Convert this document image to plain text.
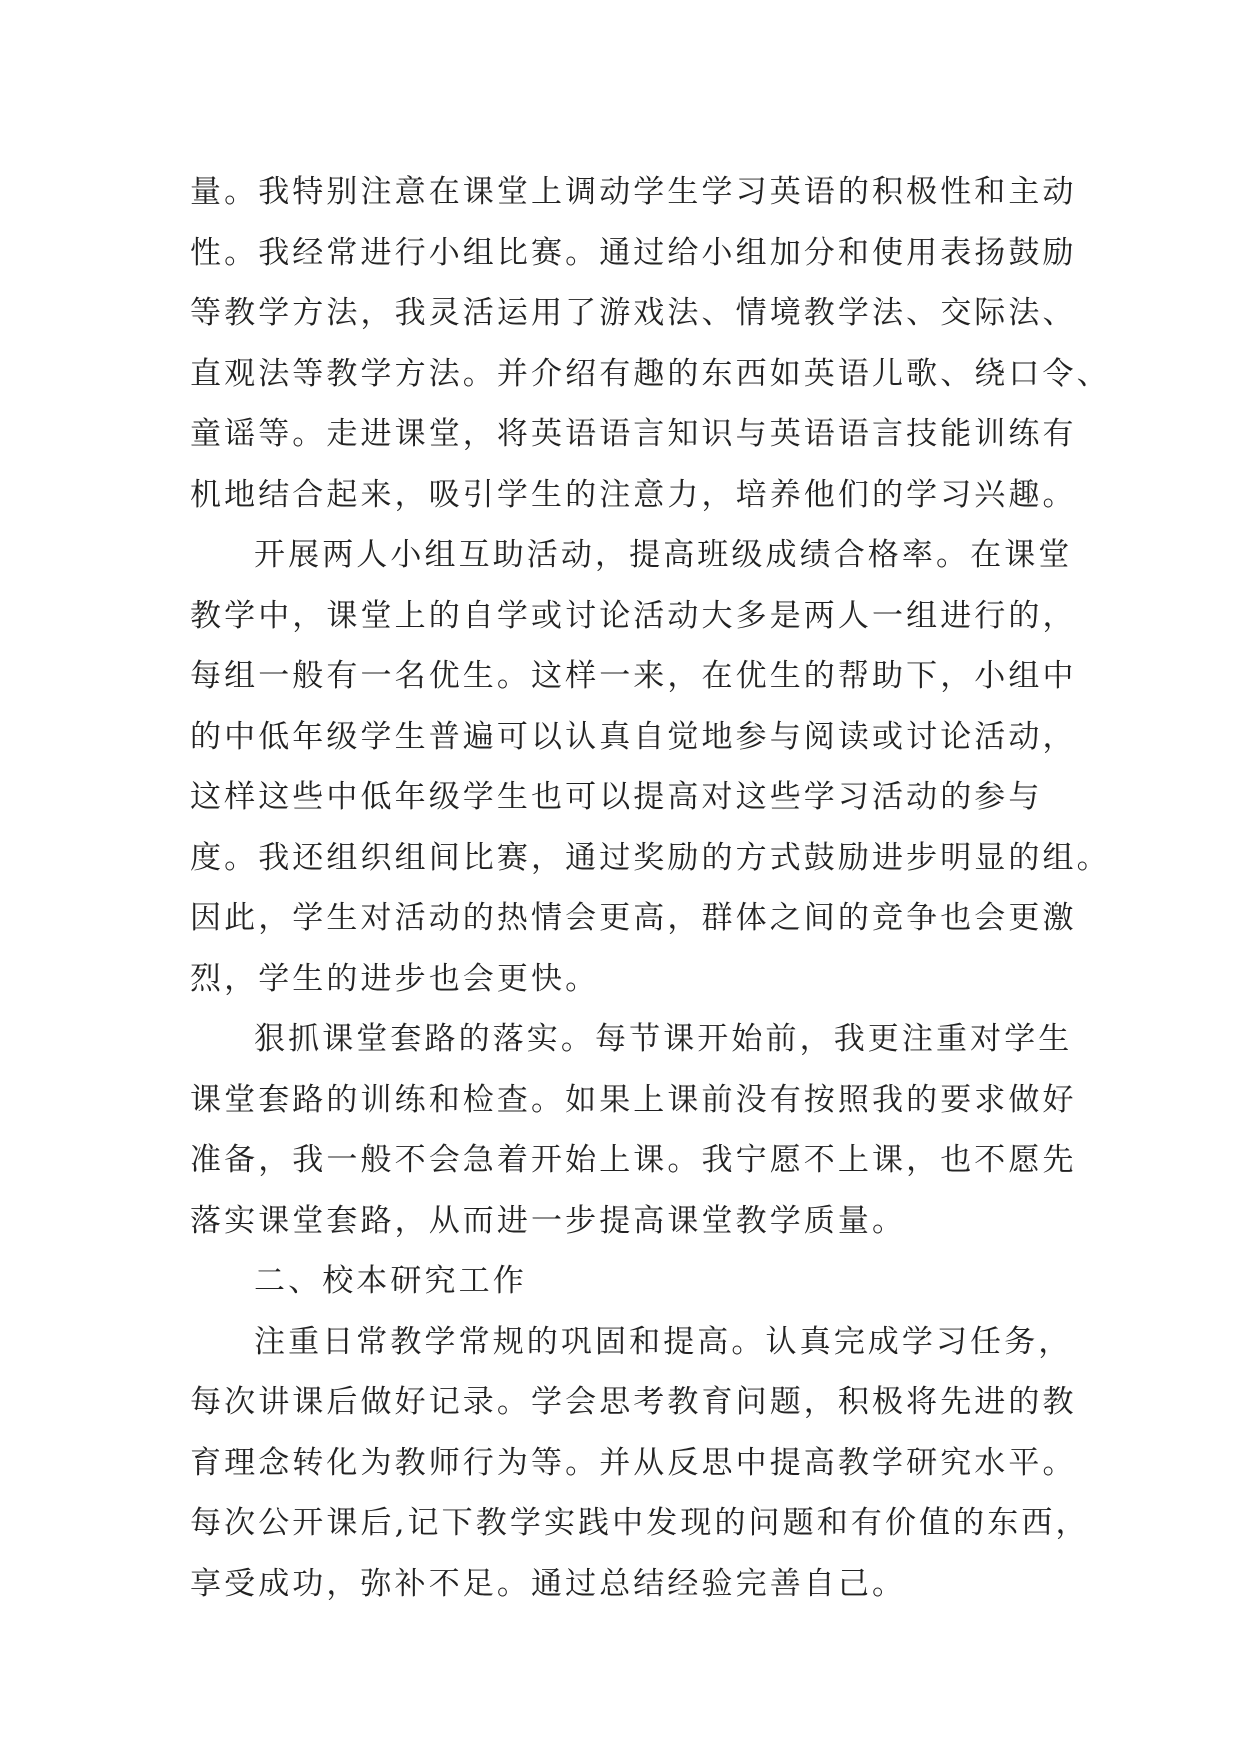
量。我特别注意在课堂上调动学生学习英语的积极性和主动
性。我经常进行小组比赛。通过给小组加分和使用表扬鼓励
等教学方法，我灵活运用了游戏法、情境教学法、交际法、
直观法等教学方法。并介绍有趣的东西如英语儿歌、绕口令、
童谣等。走进课堂，将英语语言知识与英语语言技能训练有
机地结合起来，吸引学生的注意力，培养他们的学习兴趣。

开展两人小组互助活动，提高班级成绩合格率。在课堂
教学中，课堂上的自学或讨论活动大多是两人一组进行的，
每组一般有一名优生。这样一来，在优生的帮助下，小组中
的中低年级学生普遍可以认真自觉地参与阅读或讨论活动，
这样这些中低年级学生也可以提高对这些学习活动的参与
度。我还组织组间比赛，通过奖励的方式鼓励进步明显的组。
因此，学生对活动的热情会更高，群体之间的竞争也会更激
烈，学生的进步也会更快。

狠抓课堂套路的落实。每节课开始前，我更注重对学生
课堂套路的训练和检查。如果上课前没有按照我的要求做好
准备，我一般不会急着开始上课。我宁愿不上课，也不愿先
落实课堂套路，从而进一步提高课堂教学质量。

二、校本研究工作

注重日常教学常规的巩固和提高。认真完成学习任务，
每次讲课后做好记录。学会思考教育问题，积极将先进的教
育理念转化为教师行为等。并从反思中提高教学研究水平。
每次公开课后,记下教学实践中发现的问题和有价值的东西，
享受成功，弥补不足。通过总结经验完善自己。
